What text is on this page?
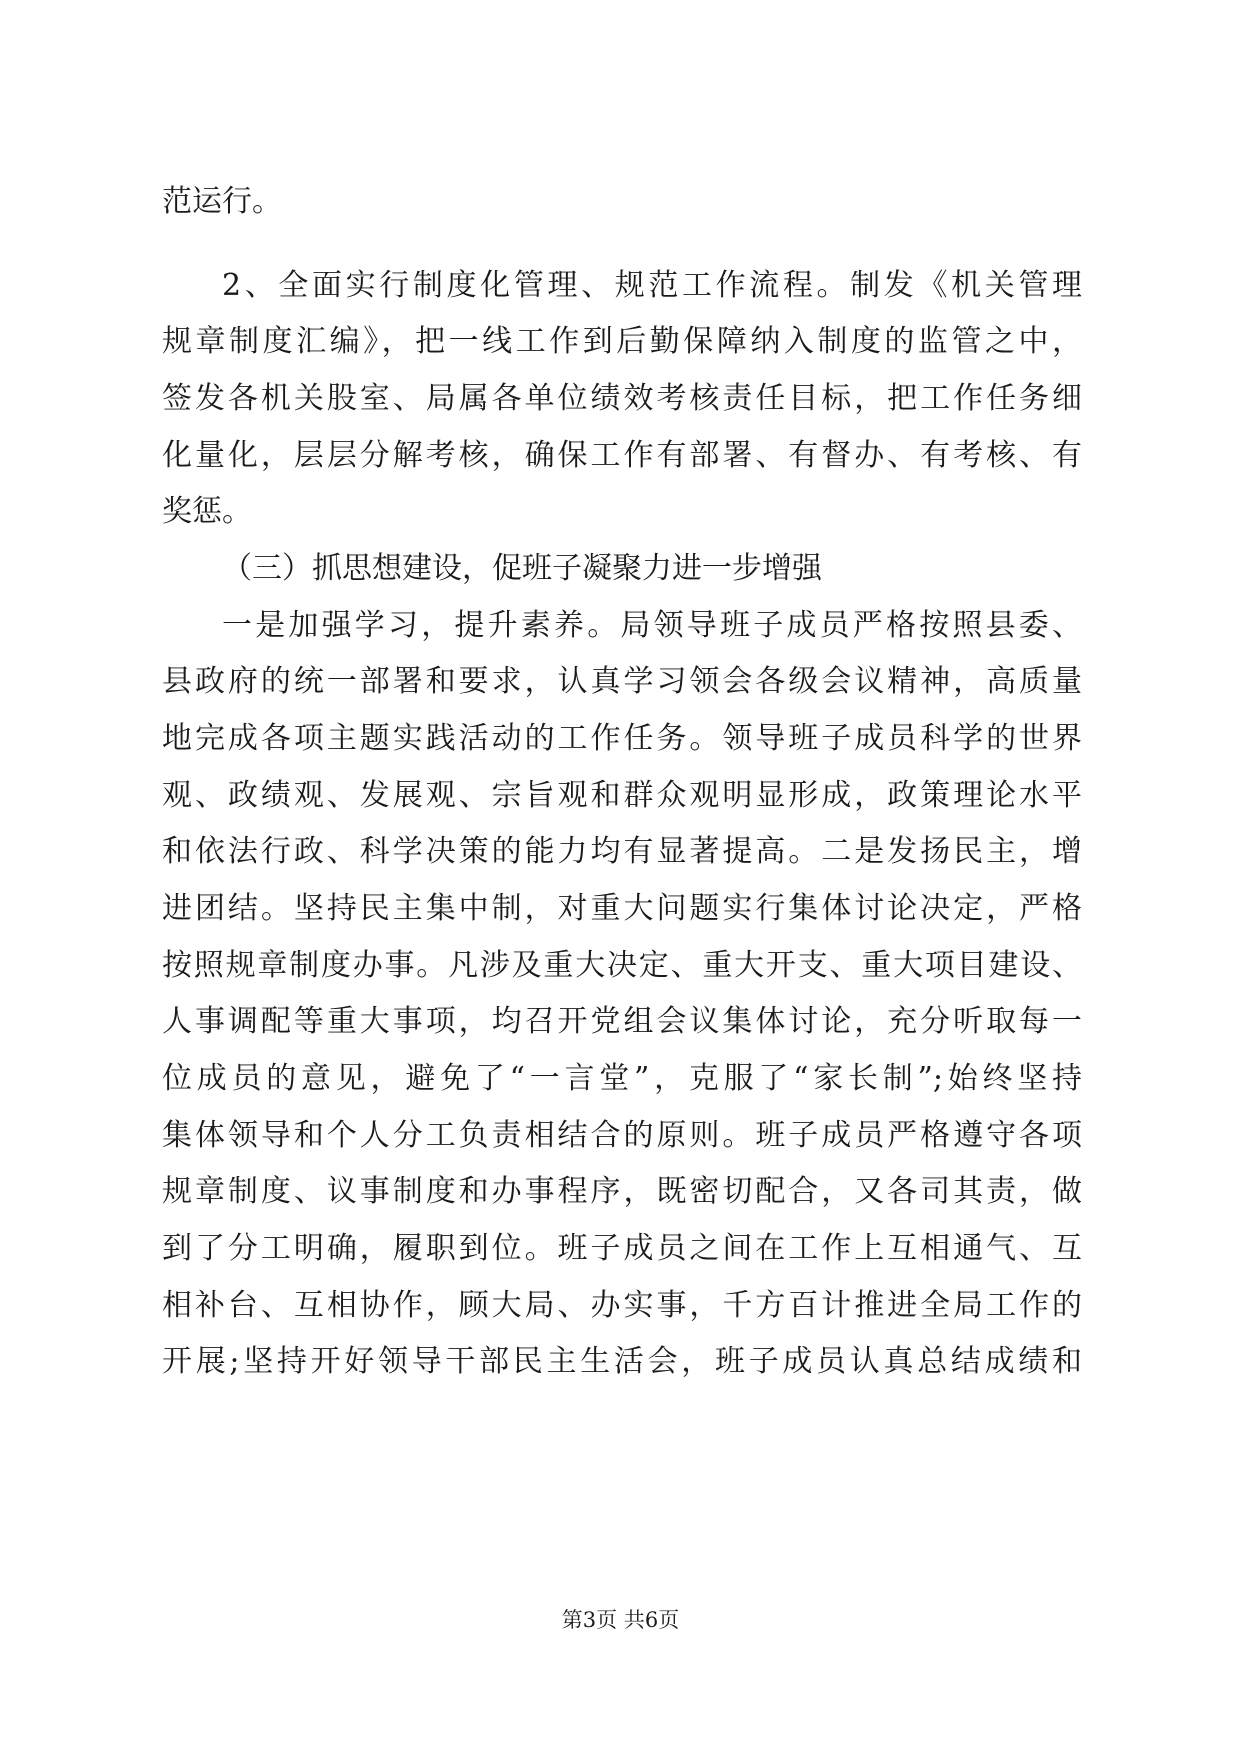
范运行。
2、全面实行制度化管理、规范工作流程。制发《机关管理
规章制度汇编》，把一线工作到后勤保障纳入制度的监管之中，
签发各机关股室、局属各单位绩效考核责任目标，把工作任务细
化量化，层层分解考核，确保工作有部署、有督办、有考核、有
奖惩。
（三）抓思想建设，促班子凝聚力进一步增强
一是加强学习，提升素养。局领导班子成员严格按照县委、
县政府的统一部署和要求，认真学习领会各级会议精神，高质量
地完成各项主题实践活动的工作任务。领导班子成员科学的世界
观、政绩观、发展观、宗旨观和群众观明显形成，政策理论水平
和依法行政、科学决策的能力均有显著提高。二是发扬民主，增
进团结。坚持民主集中制，对重大问题实行集体讨论决定，严格
按照规章制度办事。凡涉及重大决定、重大开支、重大项目建设、
人事调配等重大事项，均召开党组会议集体讨论，充分听取每一
位成员的意见，避免了“一言堂”，克服了“家长制”;始终坚持
集体领导和个人分工负责相结合的原则。班子成员严格遵守各项
规章制度、议事制度和办事程序，既密切配合，又各司其责，做
到了分工明确，履职到位。班子成员之间在工作上互相通气、互
相补台、互相协作，顾大局、办实事，千方百计推进全局工作的
开展;坚持开好领导干部民主生活会，班子成员认真总结成绩和
第3页 共6页
